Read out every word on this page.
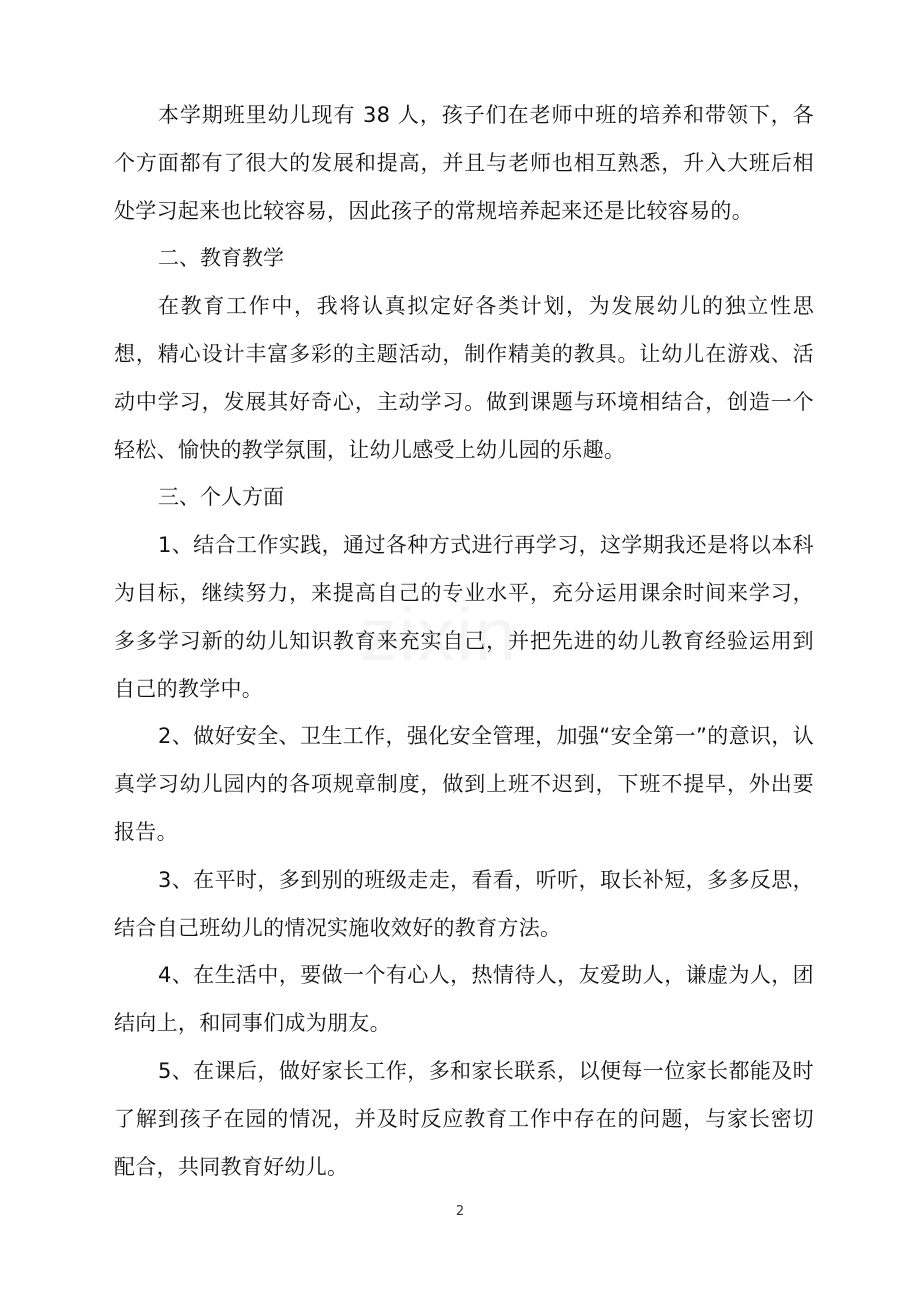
zixin

本学期班里幼儿现有 38 人，孩子们在老师中班的培养和带领下，各个方面都有了很大的发展和提高，并且与老师也相互熟悉，升入大班后相处学习起来也比较容易，因此孩子的常规培养起来还是比较容易的。

二、教育教学

在教育工作中，我将认真拟定好各类计划，为发展幼儿的独立性思想，精心设计丰富多彩的主题活动，制作精美的教具。让幼儿在游戏、活动中学习，发展其好奇心，主动学习。做到课题与环境相结合，创造一个轻松、愉快的教学氛围，让幼儿感受上幼儿园的乐趣。

三、个人方面

1、结合工作实践，通过各种方式进行再学习，这学期我还是将以本科为目标，继续努力，来提高自己的专业水平，充分运用课余时间来学习，多多学习新的幼儿知识教育来充实自己，并把先进的幼儿教育经验运用到自己的教学中。

2、做好安全、卫生工作，强化安全管理，加强“安全第一”的意识，认真学习幼儿园内的各项规章制度，做到上班不迟到，下班不提早，外出要报告。

3、在平时，多到别的班级走走，看看，听听，取长补短，多多反思，结合自己班幼儿的情况实施收效好的教育方法。

4、在生活中，要做一个有心人，热情待人，友爱助人，谦虚为人，团结向上，和同事们成为朋友。

5、在课后，做好家长工作，多和家长联系，以便每一位家长都能及时了解到孩子在园的情况，并及时反应教育工作中存在的问题，与家长密切配合，共同教育好幼儿。

2
